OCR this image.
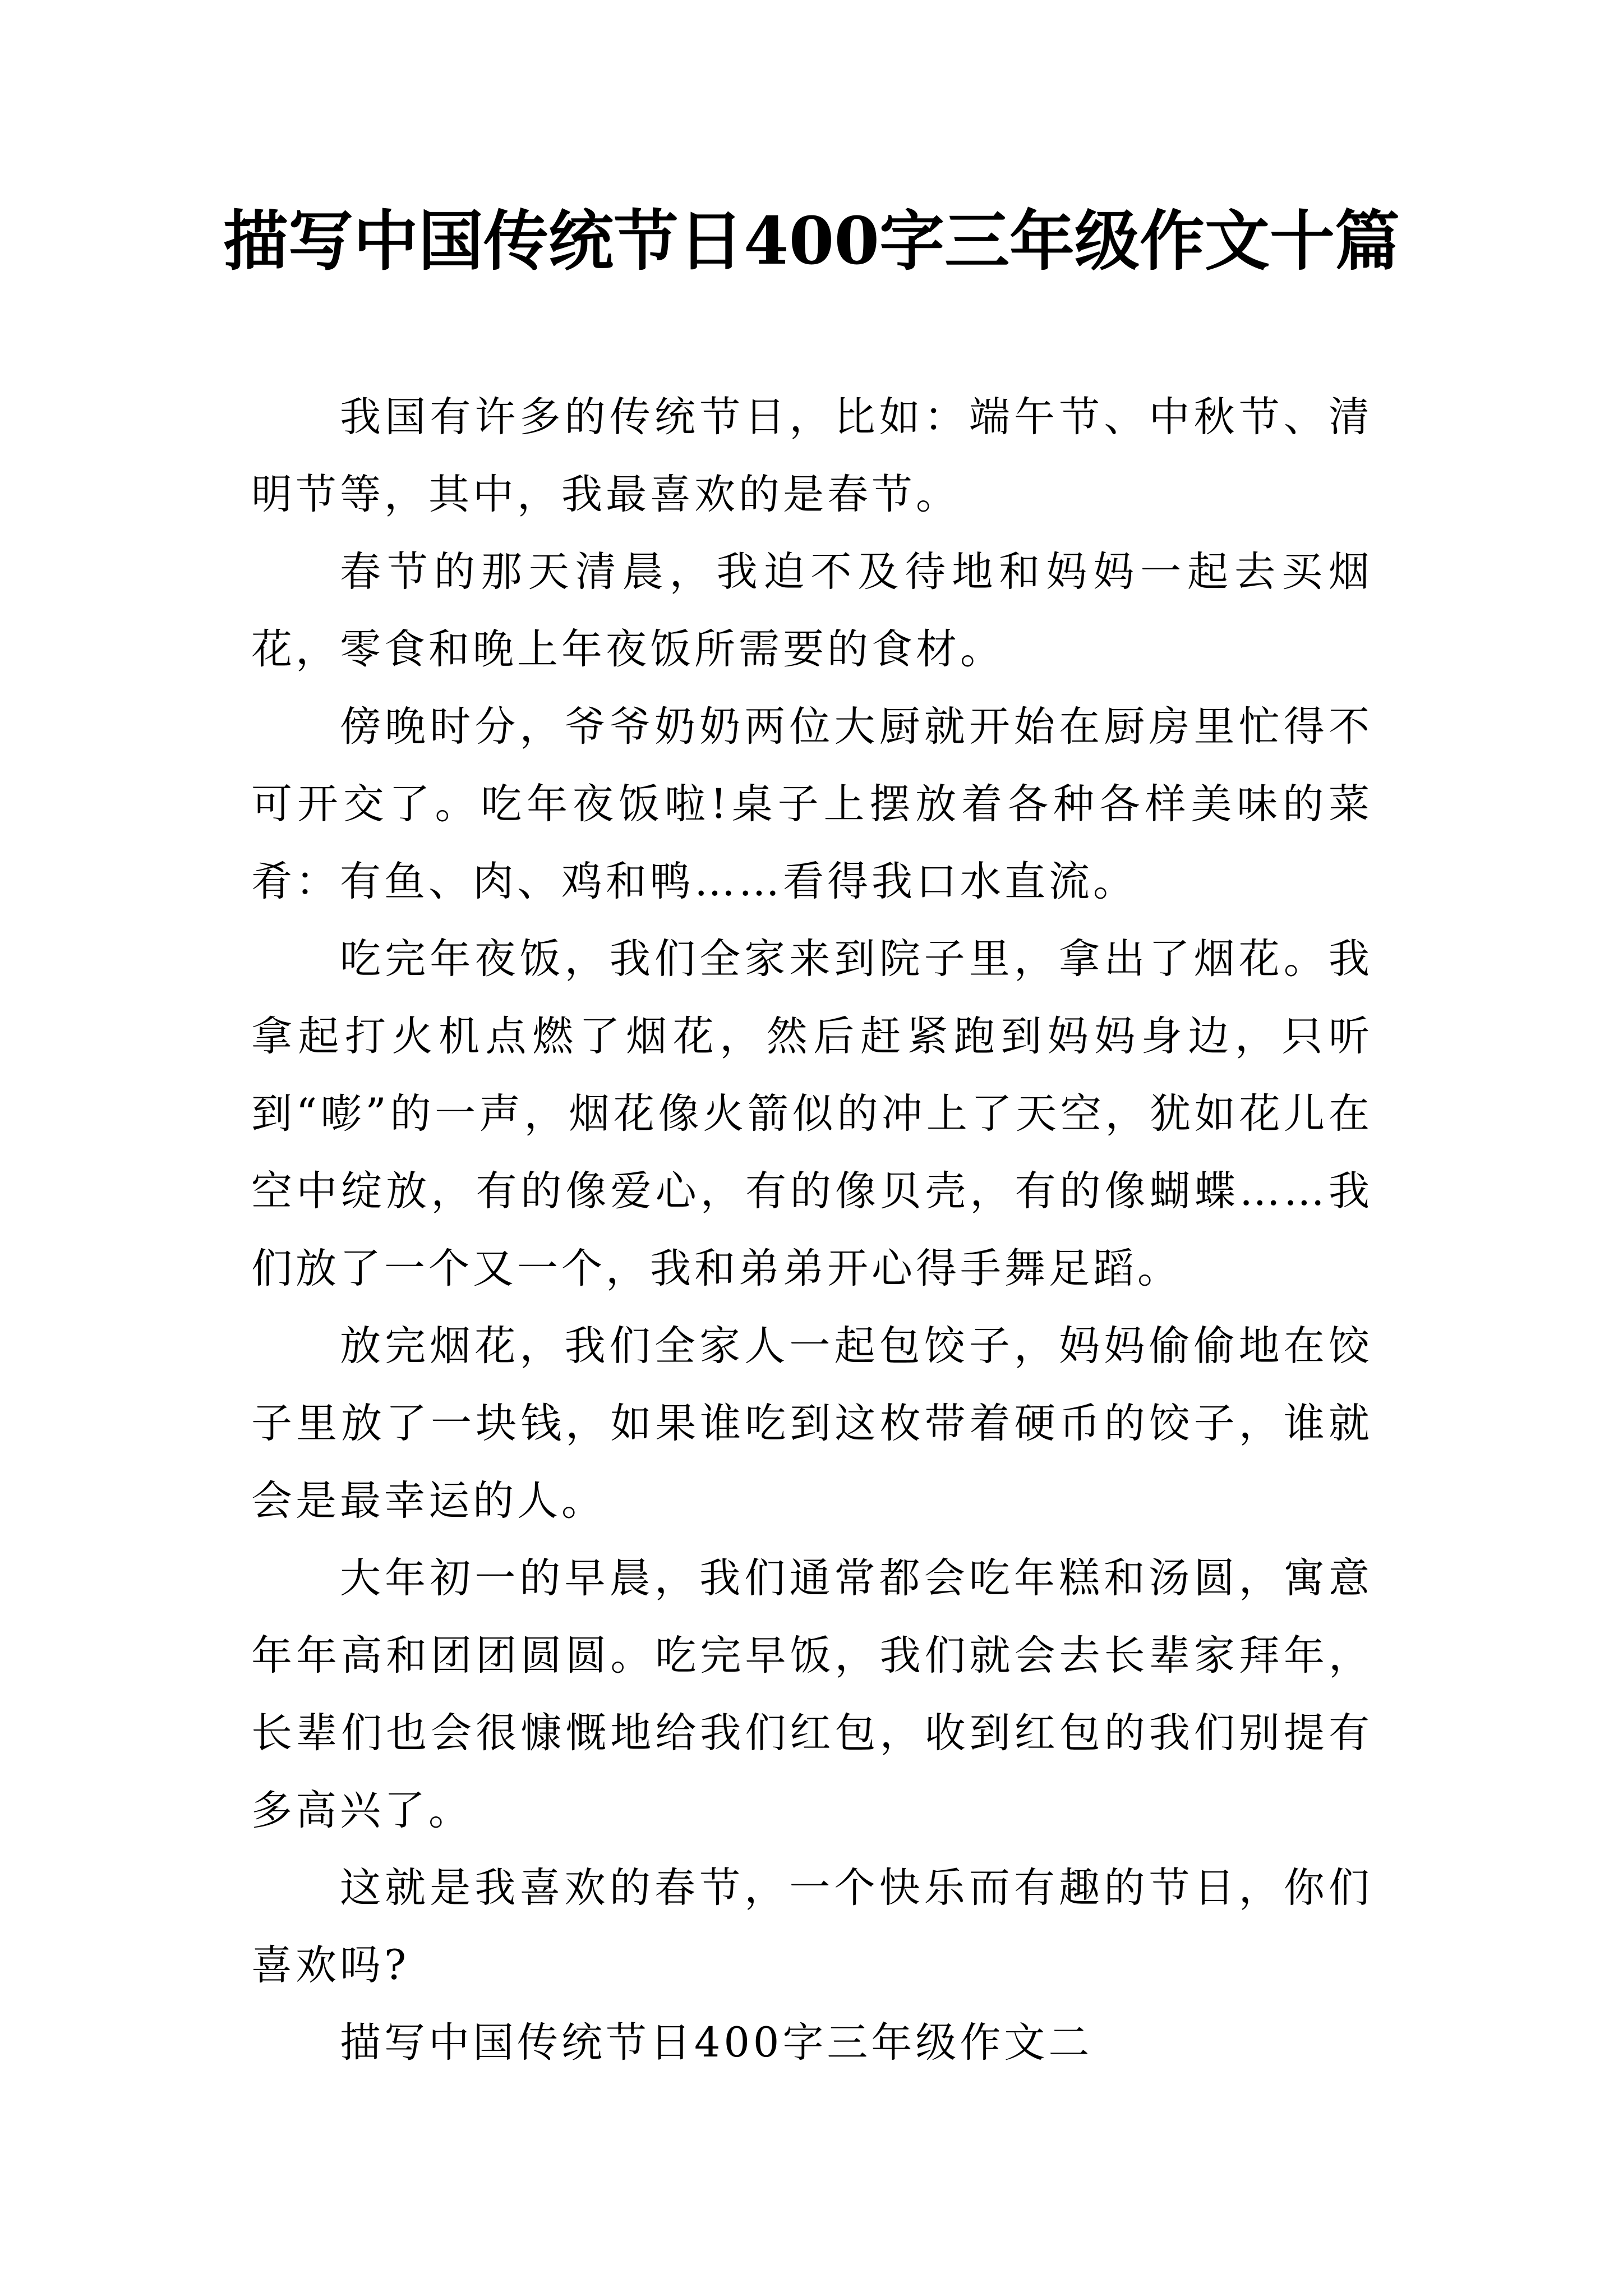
描写中国传统节日400字三年级作文十篇

我国有许多的传统节日，比如：端午节、中秋节、清明节等，其中，我最喜欢的是春节。

春节的那天清晨，我迫不及待地和妈妈一起去买烟花，零食和晚上年夜饭所需要的食材。

傍晚时分，爷爷奶奶两位大厨就开始在厨房里忙得不可开交了。吃年夜饭啦!桌子上摆放着各种各样美味的菜肴：有鱼、肉、鸡和鸭……看得我口水直流。

吃完年夜饭，我们全家来到院子里，拿出了烟花。我拿起打火机点燃了烟花，然后赶紧跑到妈妈身边，只听到“嘭”的一声，烟花像火箭似的冲上了天空，犹如花儿在空中绽放，有的像爱心，有的像贝壳，有的像蝴蝶……我们放了一个又一个，我和弟弟开心得手舞足蹈。

放完烟花，我们全家人一起包饺子，妈妈偷偷地在饺子里放了一块钱，如果谁吃到这枚带着硬币的饺子，谁就会是最幸运的人。

大年初一的早晨，我们通常都会吃年糕和汤圆，寓意年年高和团团圆圆。吃完早饭，我们就会去长辈家拜年，长辈们也会很慷慨地给我们红包，收到红包的我们别提有多高兴了。

这就是我喜欢的春节，一个快乐而有趣的节日，你们喜欢吗?

描写中国传统节日400字三年级作文二
